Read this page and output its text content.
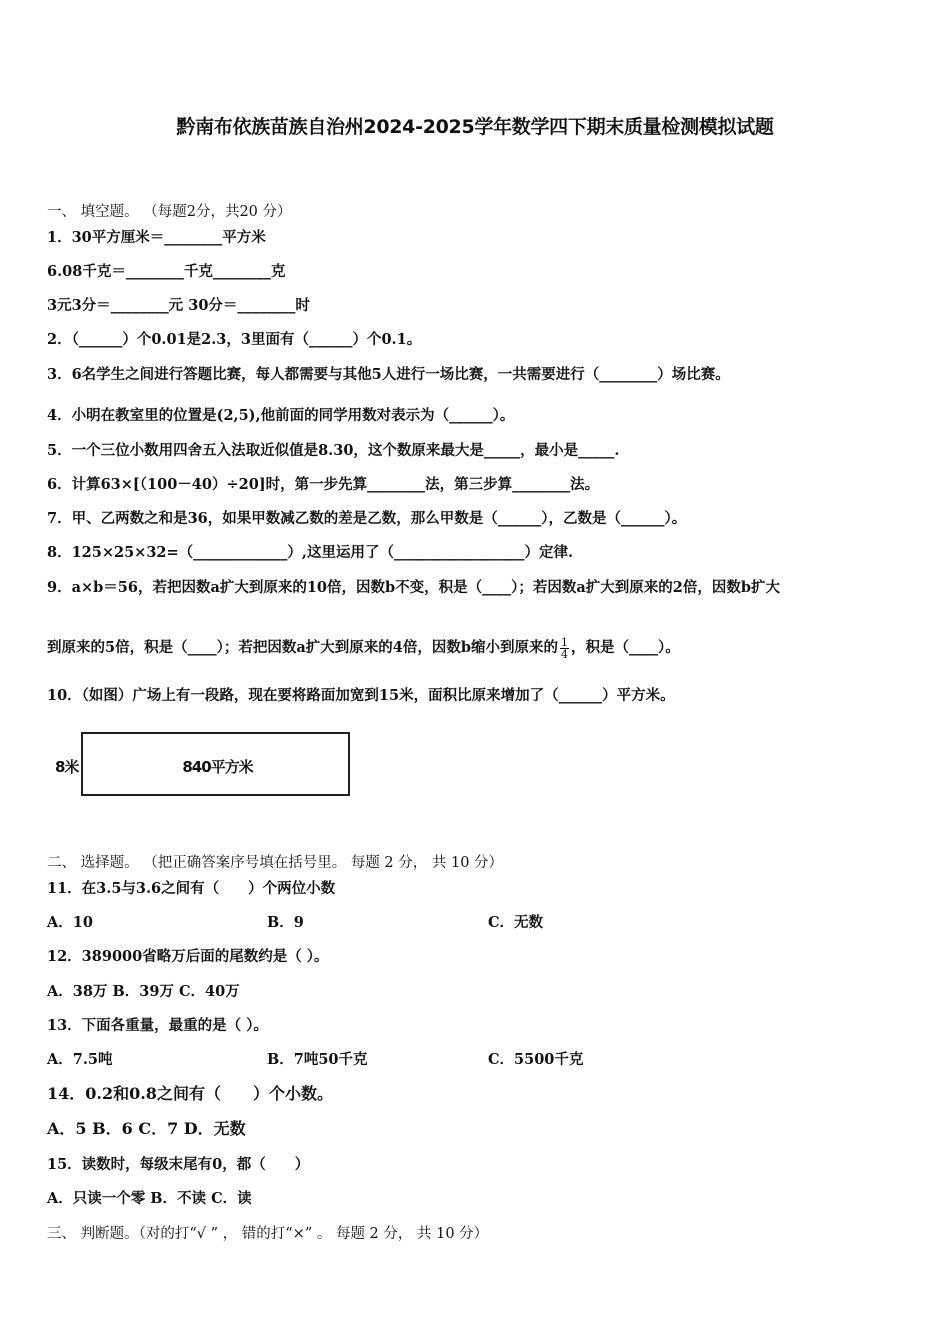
黔南布依族苗族自治州2024-2025学年数学四下期末质量检测模拟试题
一、 填空题。 （每题2分，共20 分）
1．30平方厘米＝________平方米
6.08千克＝________千克________克
3元3分＝________元 30分＝________时
2．（______）个0.01是2.3，3里面有（______）个0.1。
3．6名学生之间进行答题比赛，每人都需要与其他5人进行一场比赛，一共需要进行（________）场比赛。
4．小明在教室里的位置是(2,5),他前面的同学用数对表示为（______）。
5．一个三位小数用四舍五入法取近似值是8.30，这个数原来最大是_____，最小是_____.
6．计算63×[（100－40）÷20]时，第一步先算________法，第三步算________法。
7．甲、乙两数之和是36，如果甲数减乙数的差是乙数，那么甲数是（______），乙数是（______）。
8．125×25×32=（_____________）,这里运用了（__________________）定律.
9．a×b＝56，若把因数a扩大到原来的10倍，因数b不变，积是（____）；若因数a扩大到原来的2倍，因数b扩大
到原来的5倍，积是（____）；若把因数a扩大到原来的4倍，因数b缩小到原来的 $\frac{1}{4}$ ，积是（____）。
10．（如图）广场上有一段路，现在要将路面加宽到15米，面积比原来增加了（______）平方米。
8米	840平方米
二、 选择题。 （把正确答案序号填在括号里。 每题 2 分， 共 10 分）
11．在3.5与3.6之间有（　　）个两位小数
A．10	B．9	C．无数
12．389000省略万后面的尾数约是（ ）。
A．38万 B．39万 C．40万
13．下面各重量，最重的是（ ）。
A．7.5吨	B．7吨50千克	C．5500千克
14．0.2和0.8之间有（　　）个小数。
A．5 B．6 C．7 D．无数
15．读数时，每级末尾有0，都（　　）
A．只读一个零 B．不读 C．读
三、 判断题。（对的打“√ ” ， 错的打“×” 。 每题 2 分， 共 10 分）
